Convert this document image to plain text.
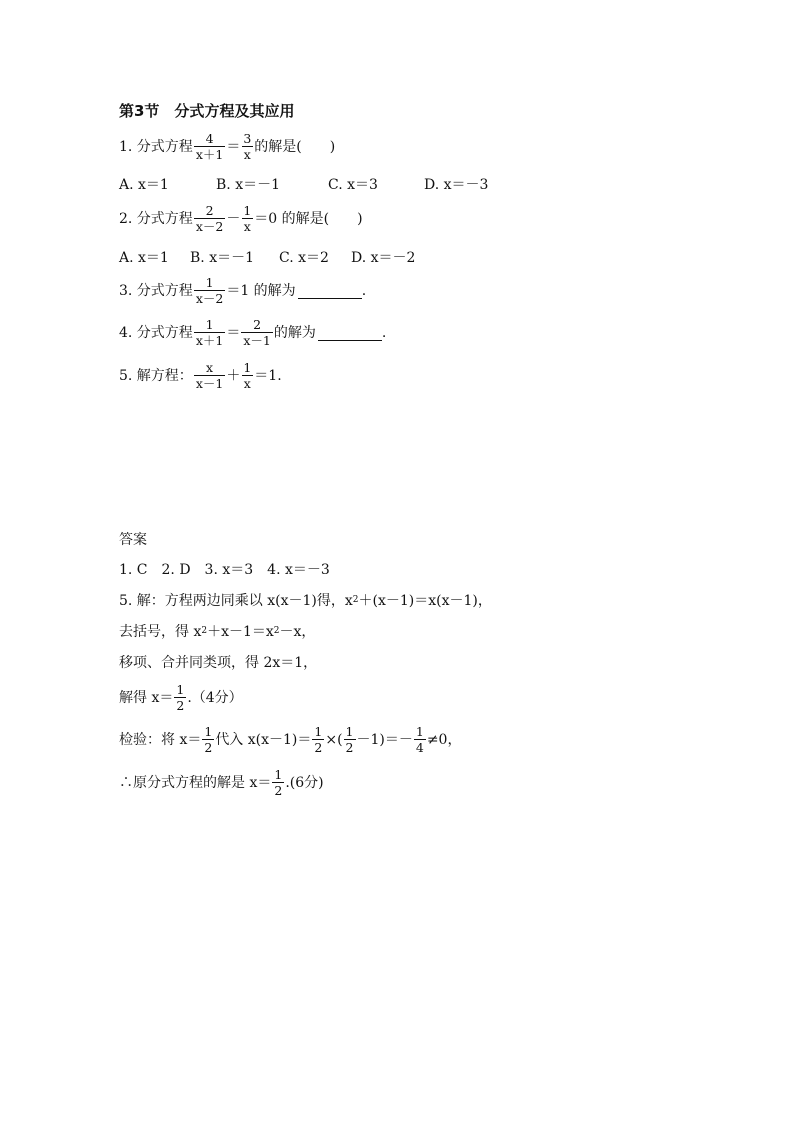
第3节　分式方程及其应用
1. 分式方程 $\frac{4}{x+1} = \frac{3}{x}$ 的解是(　　)
A. x＝1	B. x＝－1	C. x＝3	D. x＝－3
2. 分式方程 $\frac{2}{x-2} - \frac{1}{x} =0$ 的解是(　　)
A. x＝1	B. x＝－1	C. x＝2	D. x＝－2
3. 分式方程 $\frac{1}{x-2} =1$ 的解为	.
4. 分式方程 $\frac{1}{x+1} = \frac{2}{x-1}$ 的解为	.
5. 解方程： $\frac{x}{x-1} + \frac{1}{x} =1$.
答案
1. C　2. D　3. x＝3　4. x＝－3
5. 解：方程两边同乘以 x(x－1)得，$x^2 +(x-1)=x(x-1)$，
去括号，得 $x^2 +x-1=x^2 -x$，
移项、合并同类项，得 2x＝1，
解得 $x= \frac{1}{2} .(4$分）
检验：将 $x= \frac{1}{2}$ 代入 $x(x-1)= \frac{1}{2}$ ×( $\frac{1}{2} -1)=- \frac{1}{4} \ne 0$，
∴原分式方程的解是 $x= \frac{1}{2} .(6$分)
